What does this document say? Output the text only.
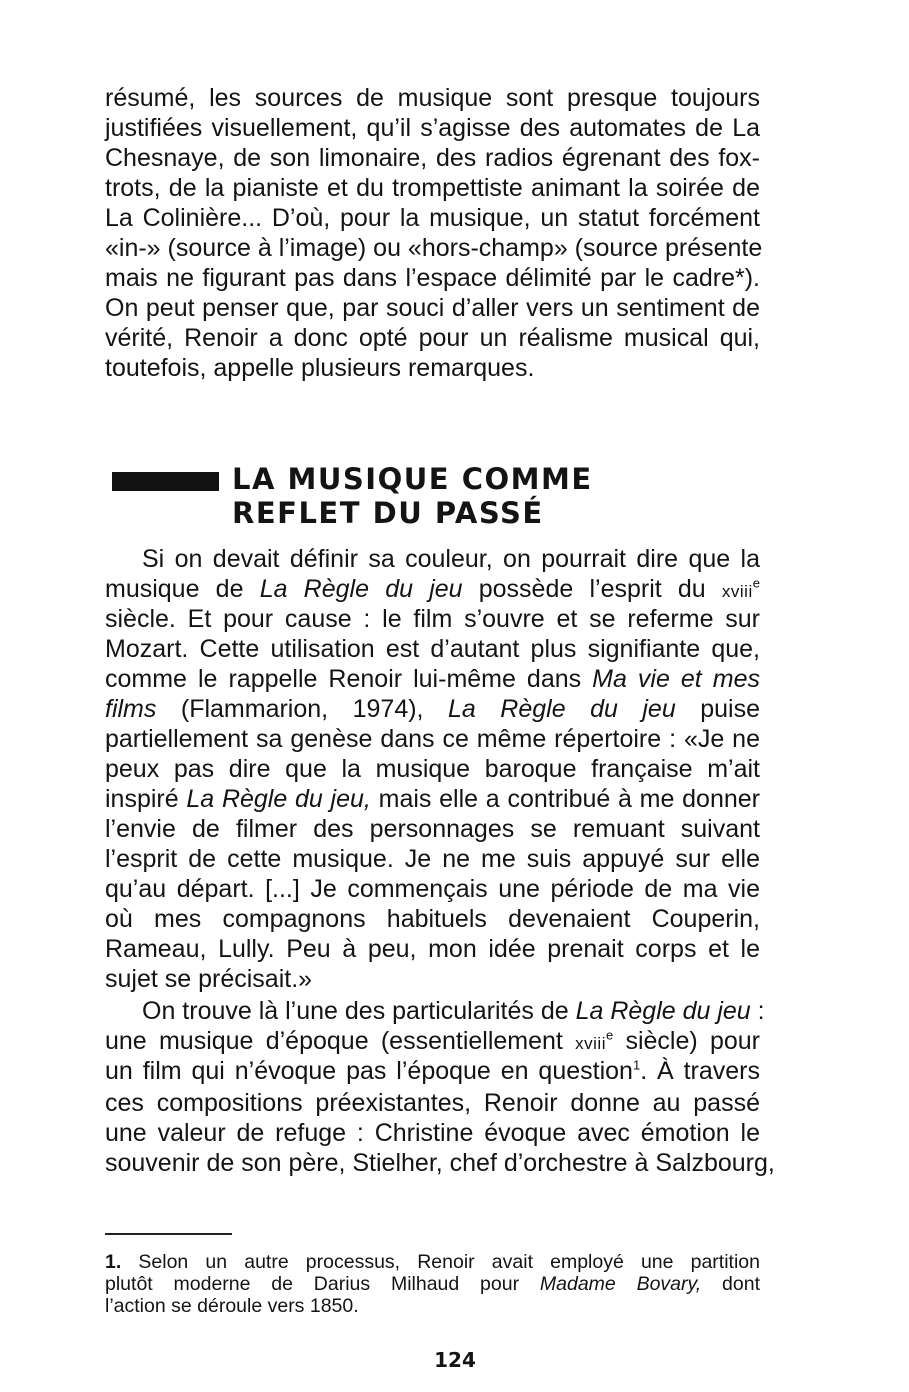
résumé, les sources de musique sont presque toujours
justifiées visuellement, qu’il s’agisse des automates de La
Chesnaye, de son limonaire, des radios égrenant des fox-
trots, de la pianiste et du trompettiste animant la soirée de
La Colinière... D’où, pour la musique, un statut forcément
«in-» (source à l’image) ou «hors-champ» (source présente
mais ne figurant pas dans l’espace délimité par le cadre*).
On peut penser que, par souci d’aller vers un sentiment de
vérité, Renoir a donc opté pour un réalisme musical qui,
toutefois, appelle plusieurs remarques.
LA MUSIQUE COMME
REFLET DU PASSÉ
Si on devait définir sa couleur, on pourrait dire que la
musique de La Règle du jeu possède l’esprit du xviii$^e$
siècle. Et pour cause : le film s’ouvre et se referme sur
Mozart. Cette utilisation est d’autant plus signifiante que,
comme le rappelle Renoir lui-même dans Ma vie et mes
films (Flammarion, 1974), La Règle du jeu puise
partiellement sa genèse dans ce même répertoire : «Je ne
peux pas dire que la musique baroque française m’ait
inspiré La Règle du jeu, mais elle a contribué à me donner
l’envie de filmer des personnages se remuant suivant
l’esprit de cette musique. Je ne me suis appuyé sur elle
qu’au départ. [...] Je commençais une période de ma vie
où mes compagnons habituels devenaient Couperin,
Rameau, Lully. Peu à peu, mon idée prenait corps et le
sujet se précisait.»
On trouve là l’une des particularités de La Règle du jeu :
une musique d’époque (essentiellement xviii$^e$ siècle) pour
un film qui n’évoque pas l’époque en question$^1$. À travers
ces compositions préexistantes, Renoir donne au passé
une valeur de refuge : Christine évoque avec émotion le
souvenir de son père, Stielher, chef d’orchestre à Salzbourg,
1. Selon un autre processus, Renoir avait employé une partition
plutôt moderne de Darius Milhaud pour Madame Bovary, dont
l’action se déroule vers 1850.
124
